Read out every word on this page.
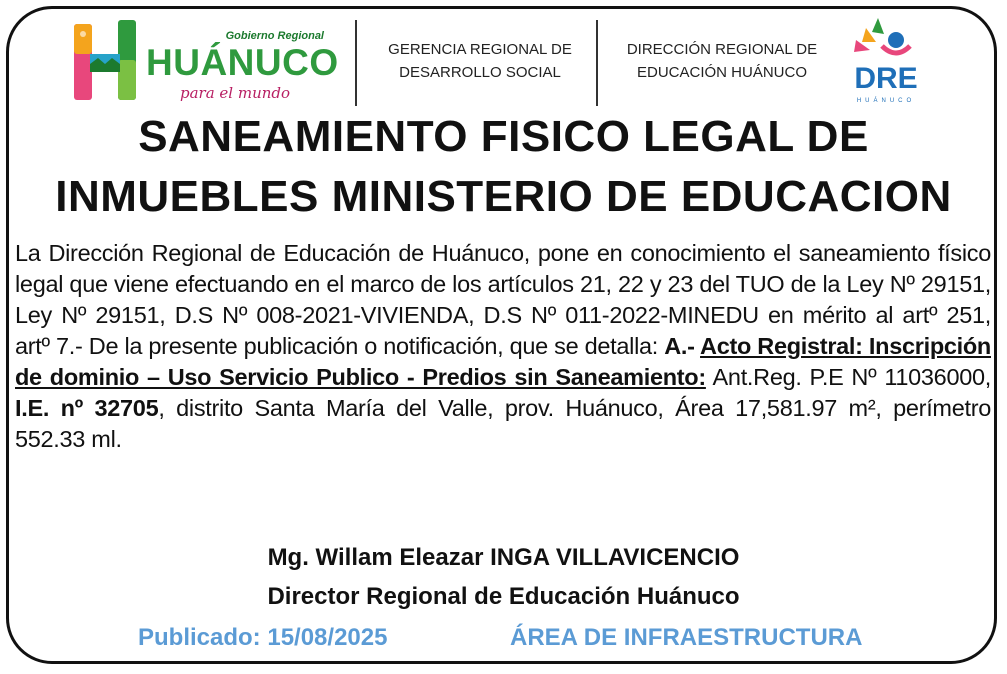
Gobierno Regional
HUÁNUCO
para el mundo
GERENCIA REGIONAL DE
DESARROLLO SOCIAL
DIRECCIÓN REGIONAL DE
EDUCACIÓN HUÁNUCO	DRE
HUÁNUCO
SANEAMIENTO FISICO LEGAL DE
INMUEBLES MINISTERIO DE EDUCACION
La Dirección Regional de Educación de Huánuco, pone en conocimiento el saneamiento físico legal que viene efectuando en el marco de los artículos 21, 22 y 23 del TUO de la Ley Nº 29151, Ley Nº 29151, D.S Nº 008-2021-VIVIENDA, D.S Nº 011-2022-MINEDU en mérito al artº 251, artº 7.- De la presente publicación o notificación, que se detalla: A.- Acto Registral: Inscripción de dominio – Uso Servicio Publico - Predios sin Saneamiento: Ant.Reg. P.E Nº 11036000, I.E. nº 32705, distrito Santa María del Valle, prov. Huánuco, Área 17,581.97 m², perímetro 552.33 ml.
Mg. Willam Eleazar INGA VILLAVICENCIO
Director Regional de Educación Huánuco
Publicado: 15/08/2025	ÁREA DE INFRAESTRUCTURA
